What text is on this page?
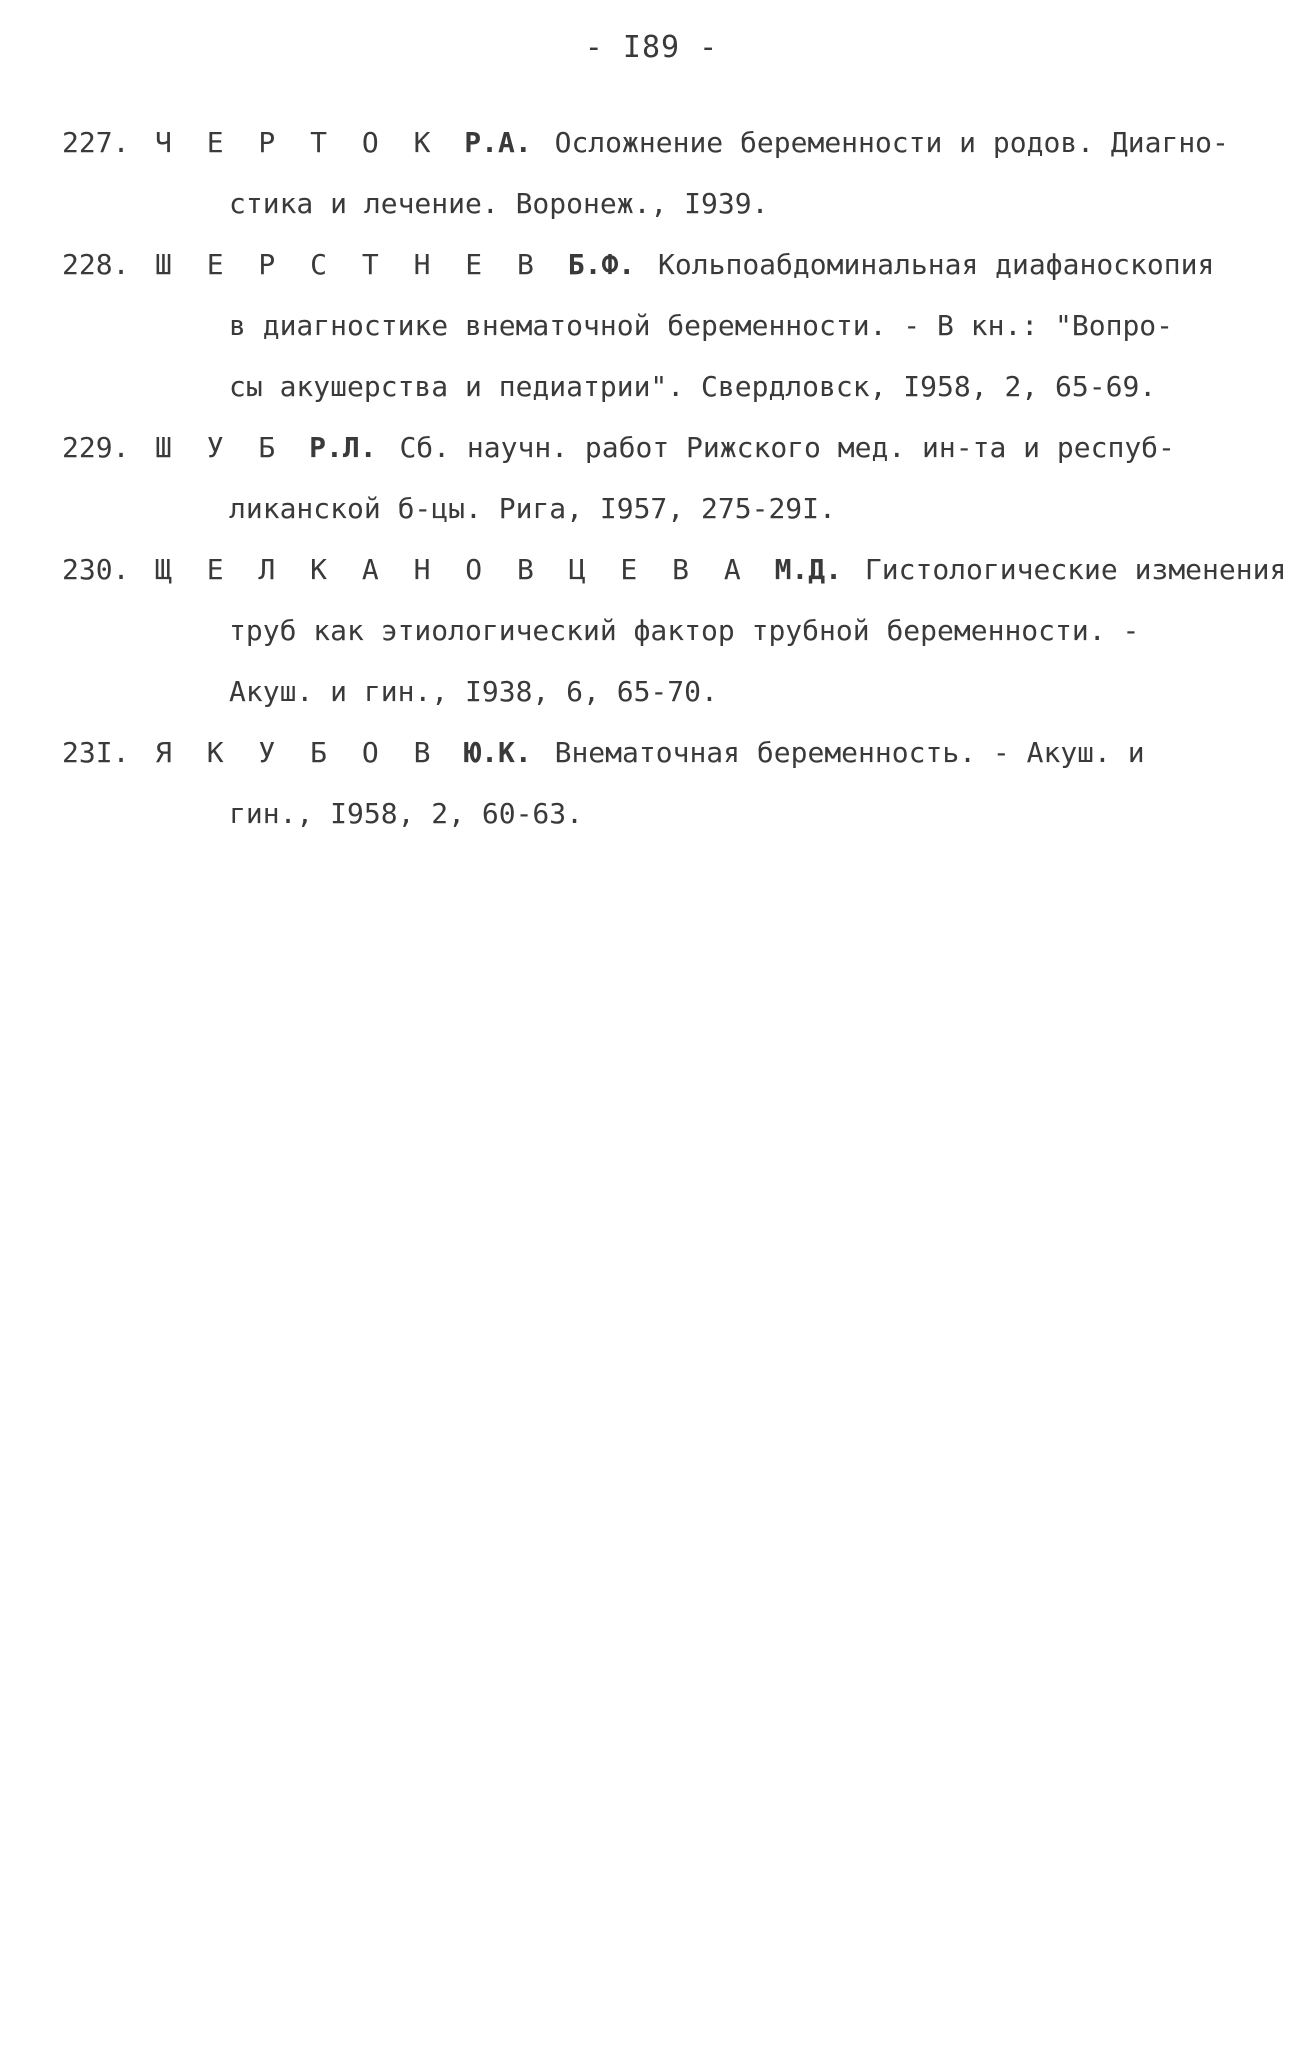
- I89 -
227. Ч Е Р Т О К Р.А. Осложнение беременности и родов. Диагно-
стика и лечение. Воронеж., I939.
228. Ш Е Р С Т Н Е В Б.Ф. Кольпоабдоминальная диафаноскопия
в диагностике внематочной беременности. - В кн.: "Вопро-
сы акушерства и педиатрии". Свердловск, I958, 2, 65-69.
229. Ш У Б Р.Л. Сб. научн. работ Рижского мед. ин-та и респуб-
ликанской б-цы. Рига, I957, 275-29I.
230. Щ Е Л К А Н О В Ц Е В А М.Д. Гистологические изменения
труб как этиологический фактор трубной беременности. -
Акуш. и гин., I938, 6, 65-70.
23I. Я К У Б О В Ю.К. Внематочная беременность. - Акуш. и
гин., I958, 2, 60-63.
